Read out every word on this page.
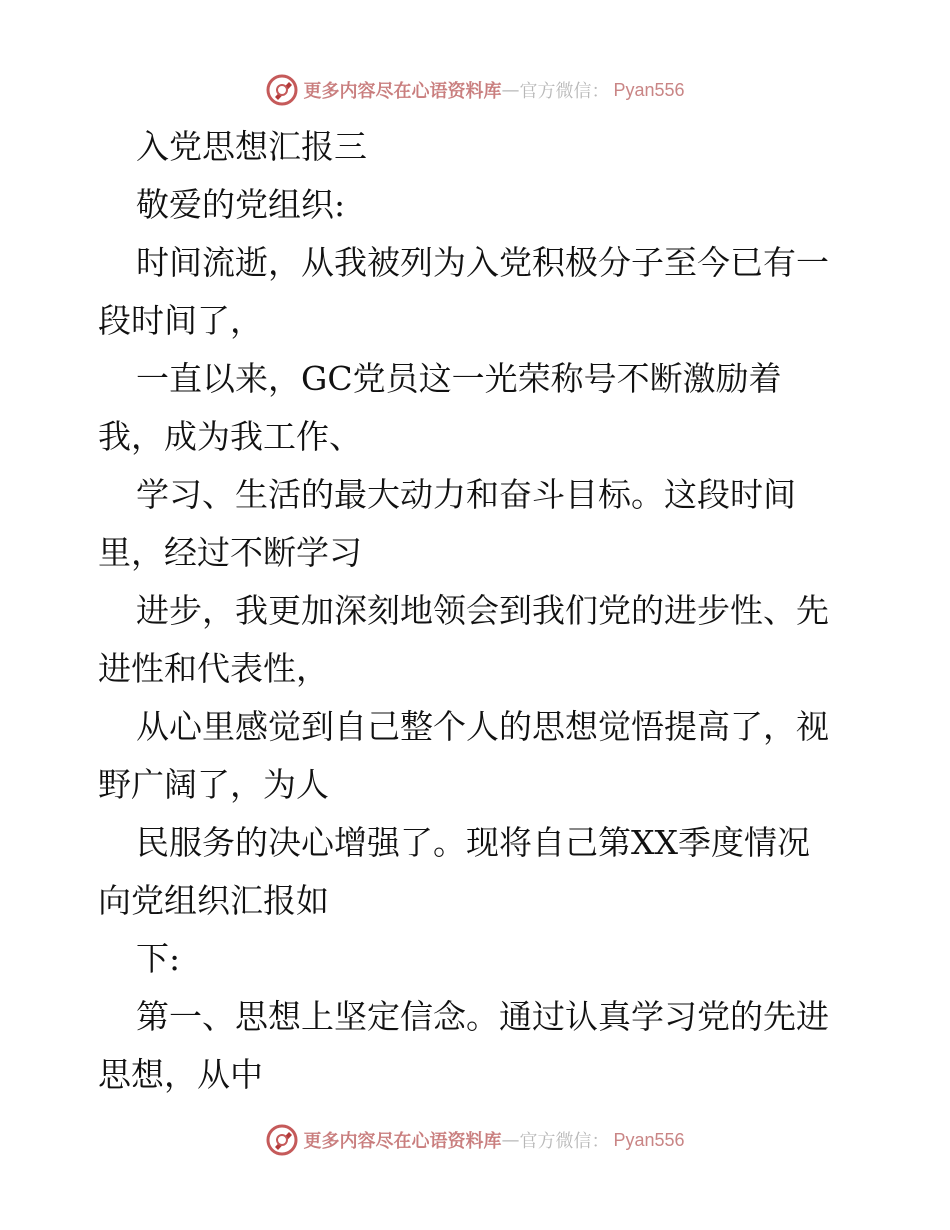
更多内容尽在心语资料库 — 官方微信： Pyan556
入党思想汇报三
敬爱的党组织:
时间流逝，从我被列为入党积极分子至今已有一
段时间了，
一直以来，GC党员这一光荣称号不断激励着
我，成为我工作、
学习、生活的最大动力和奋斗目标。这段时间
里，经过不断学习
进步，我更加深刻地领会到我们党的进步性、先
进性和代表性，
从心里感觉到自己整个人的思想觉悟提高了，视
野广阔了，为人
民服务的决心增强了。现将自己第XX季度情况
向党组织汇报如
下:
第一、思想上坚定信念。通过认真学习党的先进
思想，从中
更多内容尽在心语资料库 — 官方微信： Pyan556
